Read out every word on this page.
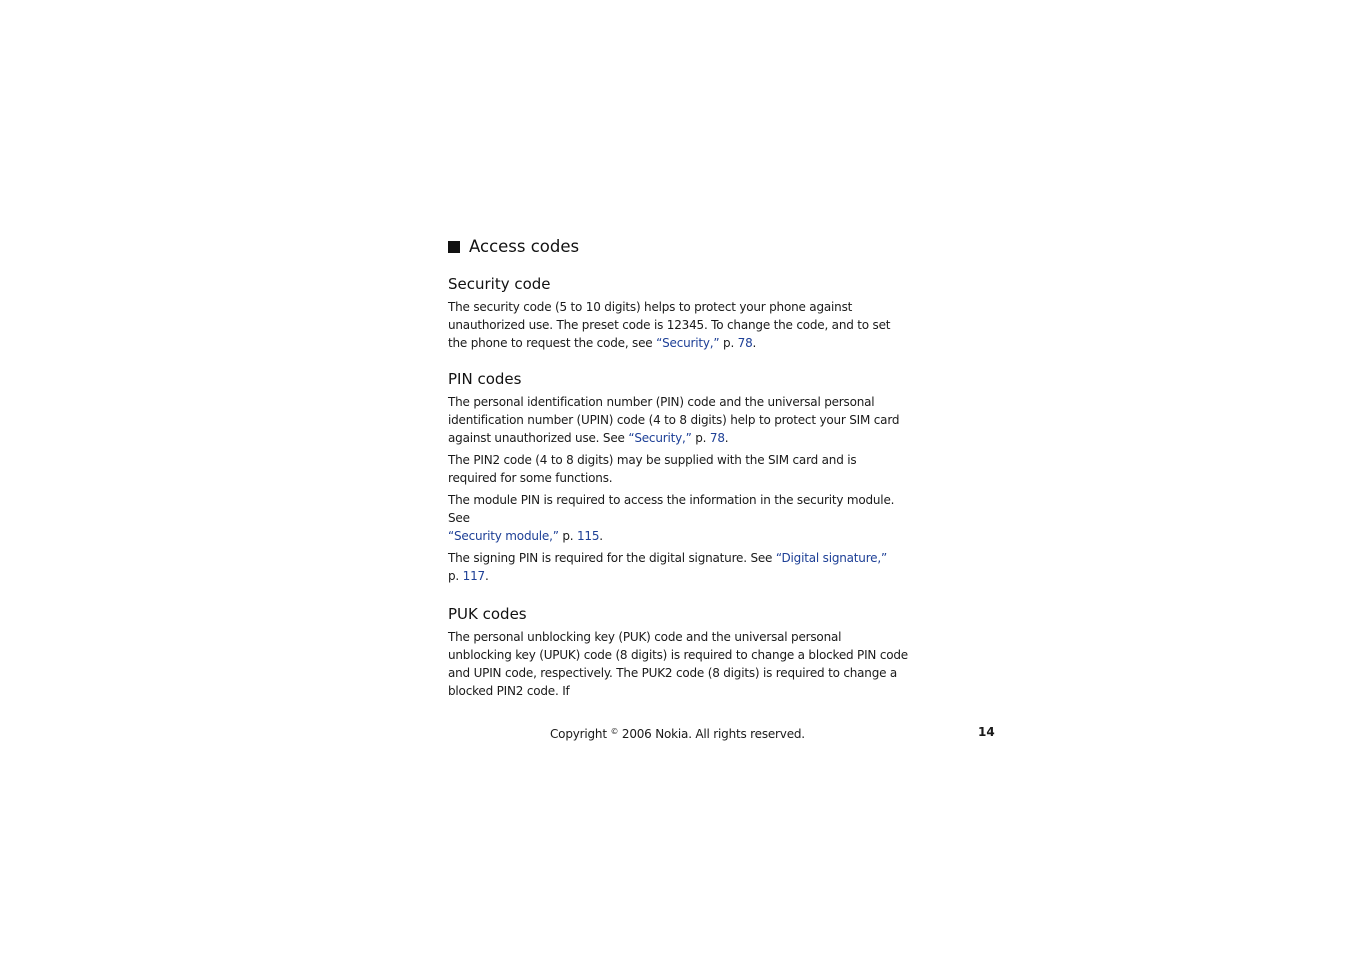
Access codes
Security code

The security code (5 to 10 digits) helps to protect your phone against unauthorized use. The preset code is 12345. To change the code, and to set the phone to request the code, see “Security,” p. 78.

PIN codes

The personal identification number (PIN) code and the universal personal identification number (UPIN) code (4 to 8 digits) help to protect your SIM card against unauthorized use. See “Security,” p. 78.

The PIN2 code (4 to 8 digits) may be supplied with the SIM card and is required for some functions.

The module PIN is required to access the information in the security module. See
“Security module,” p. 115.

The signing PIN is required for the digital signature. See “Digital signature,”
p. 117.

PUK codes

The personal unblocking key (PUK) code and the universal personal unblocking key (UPUK) code (8 digits) is required to change a blocked PIN code and UPIN code, respectively. The PUK2 code (8 digits) is required to change a blocked PIN2 code. If

Copyright © 2006 Nokia. All rights reserved.	14
